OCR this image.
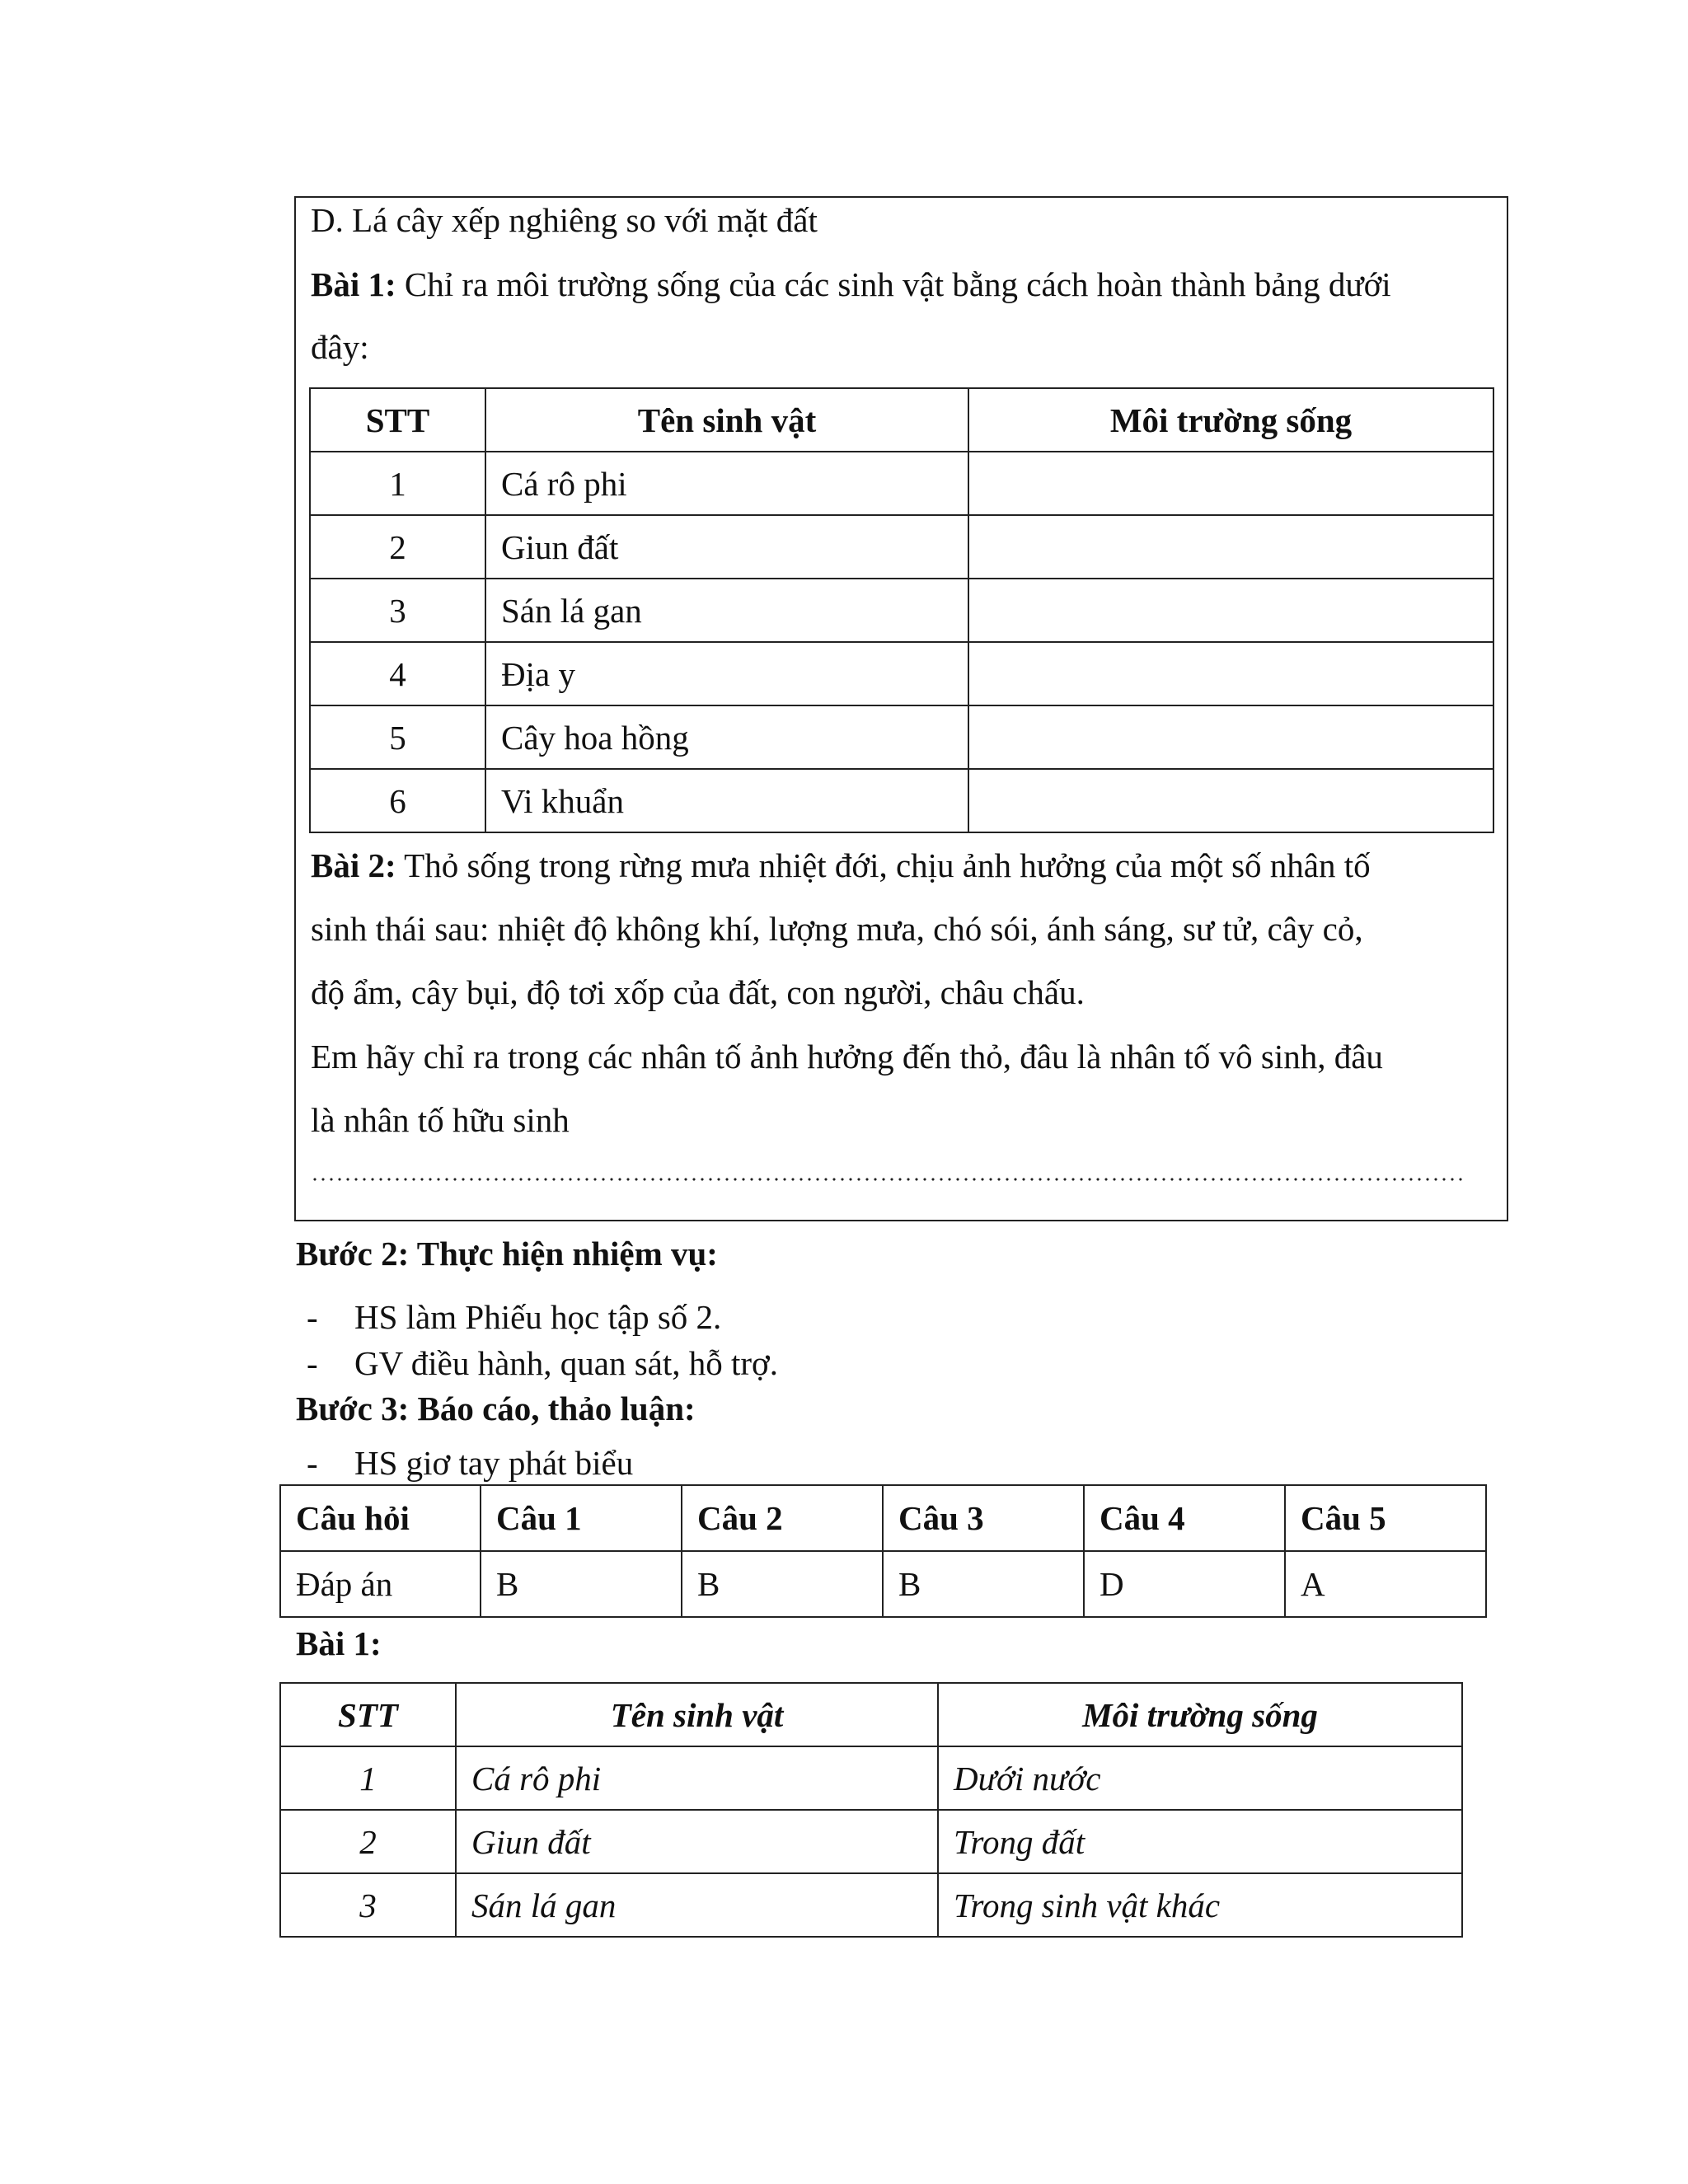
D. Lá cây xếp nghiêng so với mặt đất
Bài 1: Chỉ ra môi trường sống của các sinh vật bằng cách hoàn thành bảng dưới
đây:
STT	Tên sinh vật	Môi trường sống
1	Cá rô phi	
2	Giun đất	
3	Sán lá gan	
4	Địa y	
5	Cây hoa hồng	
6	Vi khuẩn	
Bài 2: Thỏ sống trong rừng mưa nhiệt đới, chịu ảnh hưởng của một số nhân tố
sinh thái sau: nhiệt độ không khí, lượng mưa, chó sói, ánh sáng, sư tử, cây cỏ,
độ ẩm, cây bụi, độ tơi xốp của đất, con người, châu chấu.
Em hãy chỉ ra trong các nhân tố ảnh hưởng đến thỏ, đâu là nhân tố vô sinh, đâu
là nhân tố hữu sinh
Bước 2: Thực hiện nhiệm vụ:
- HS làm Phiếu học tập số 2.
- GV điều hành, quan sát, hỗ trợ.
Bước 3: Báo cáo, thảo luận:
- HS giơ tay phát biểu
Câu hỏi	Câu 1	Câu 2	Câu 3	Câu 4	Câu 5
Đáp án	B	B	B	D	A
Bài 1:
STT	Tên sinh vật	Môi trường sống
1	Cá rô phi	Dưới nước
2	Giun đất	Trong đất
3	Sán lá gan	Trong sinh vật khác
